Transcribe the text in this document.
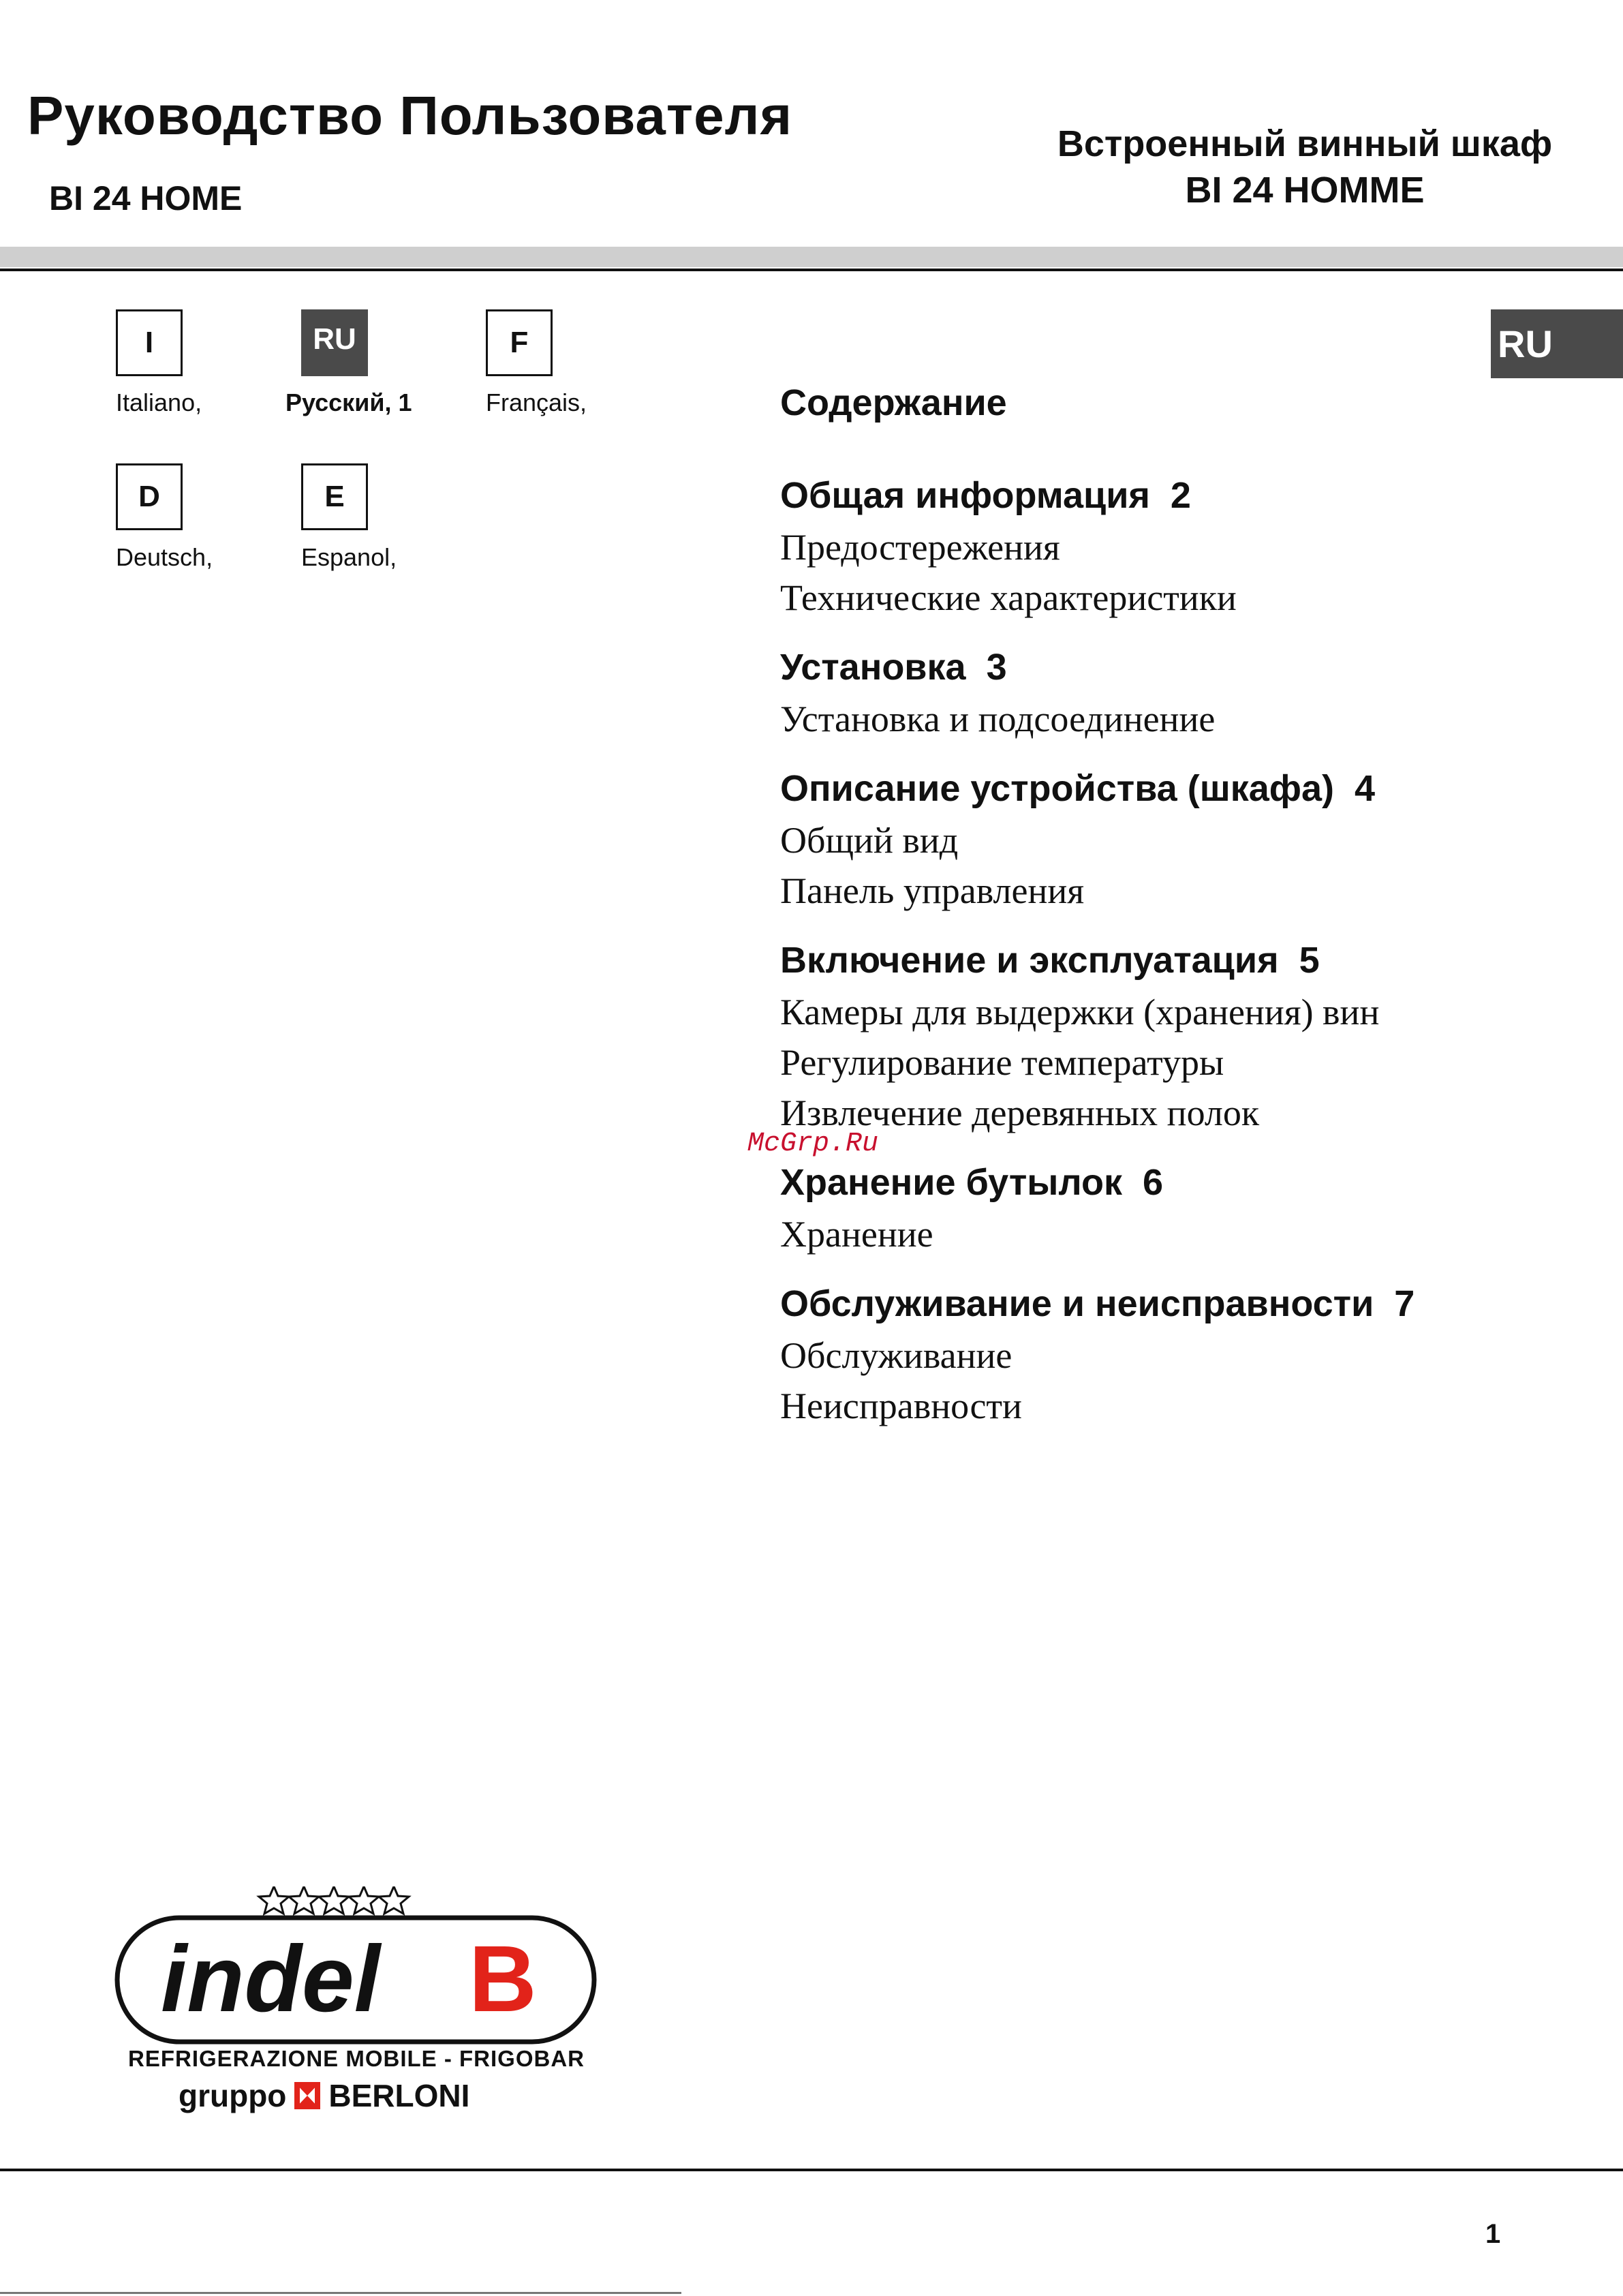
Руководство Пользователя
BI 24 HOME
Встроенный винный шкаф
BI 24 HOMME
I
Italiano,
RU
Русский, 1
F
Français,
D
Deutsch,
E
Espanol,
RU
Содержание
Общая информация 2
Предостережения
Технические характеристики
Установка 3
Установка и подсоединение
Описание устройства (шкафа) 4
Общий вид
Панель управления
Включение и эксплуатация 5
Камеры для выдержки (хранения) вин
Регулирование температуры
Извлечение деревянных полок
Хранение бутылок 6
Хранение
Обслуживание и неисправности 7
Обслуживание
Неисправности
McGrp.Ru
indel B
REFRIGERAZIONE MOBILE - FRIGOBAR
gruppo BERLONI
1
